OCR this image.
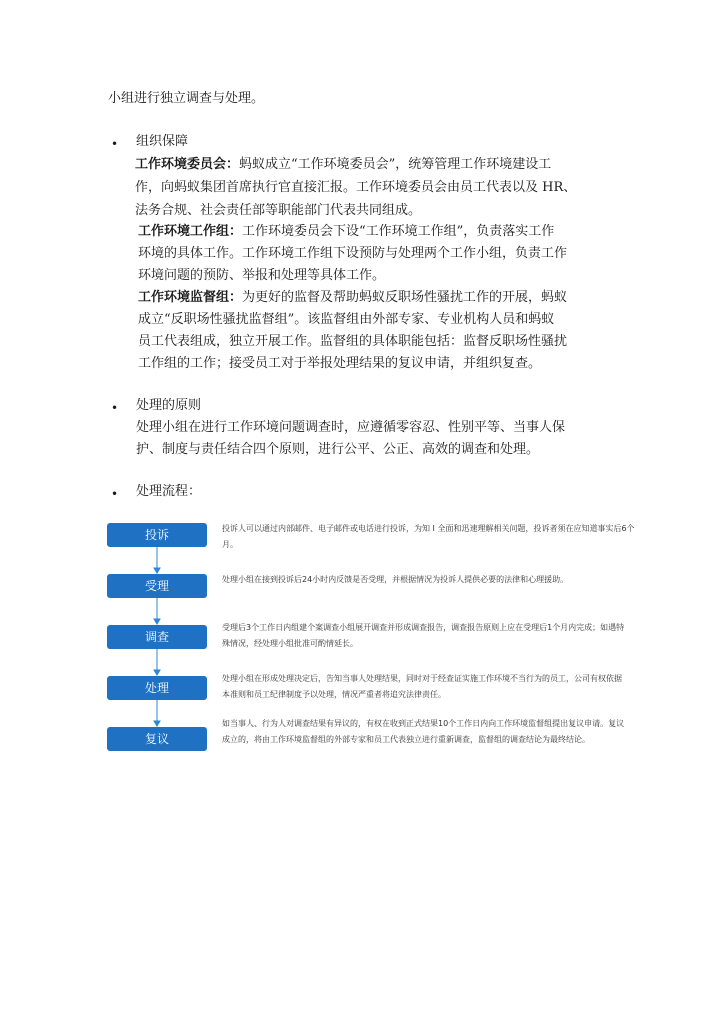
小组进行独立调查与处理。
• 组织保障
工作环境委员会：蚂蚁成立“工作环境委员会”，统筹管理工作环境建设工
作，向蚂蚁集团首席执行官直接汇报。工作环境委员会由员工代表以及 HR、
法务合规、社会责任部等职能部门代表共同组成。
工作环境工作组：工作环境委员会下设“工作环境工作组”，负责落实工作
环境的具体工作。工作环境工作组下设预防与处理两个工作小组，负责工作
环境问题的预防、举报和处理等具体工作。
工作环境监督组：为更好的监督及帮助蚂蚁反职场性骚扰工作的开展，蚂蚁
成立“反职场性骚扰监督组”。该监督组由外部专家、专业机构人员和蚂蚁
员工代表组成，独立开展工作。监督组的具体职能包括：监督反职场性骚扰
工作组的工作；接受员工对于举报处理结果的复议申请，并组织复查。
• 处理的原则
处理小组在进行工作环境问题调查时，应遵循零容忍、性别平等、当事人保
护、制度与责任结合四个原则，进行公平、公正、高效的调查和处理。
• 处理流程：
投诉	投诉人可以通过内部邮件、电子邮件或电话进行投诉，为知 I 全面和迅速理解相关问题，投诉者须在应知道事实后6个
月。
受理	处理小组在接到投诉后24小时内反馈是否受理，并根据情况为投诉人提供必要的法律和心理援助。
调查
受理后3个工作日内组建个案调查小组展开调查并形成调查报告，调查报告原则上应在受理后1个月内完成；如遇特
殊情况，经处理小组批准可酌情延长。
处理
处理小组在形成处理决定后，告知当事人处理结果，同时对于经查证实施工作环境不当行为的员工，公司有权依据
本准则和员工纪律制度予以处理，情况严重者将追究法律责任。
复议
如当事人、行为人对调查结果有异议的，有权在收到正式结果10个工作日内向工作环境监督组提出复议申请。复议
成立的，将由工作环境监督组的外部专家和员工代表独立进行重新调查，监督组的调查结论为最终结论。
